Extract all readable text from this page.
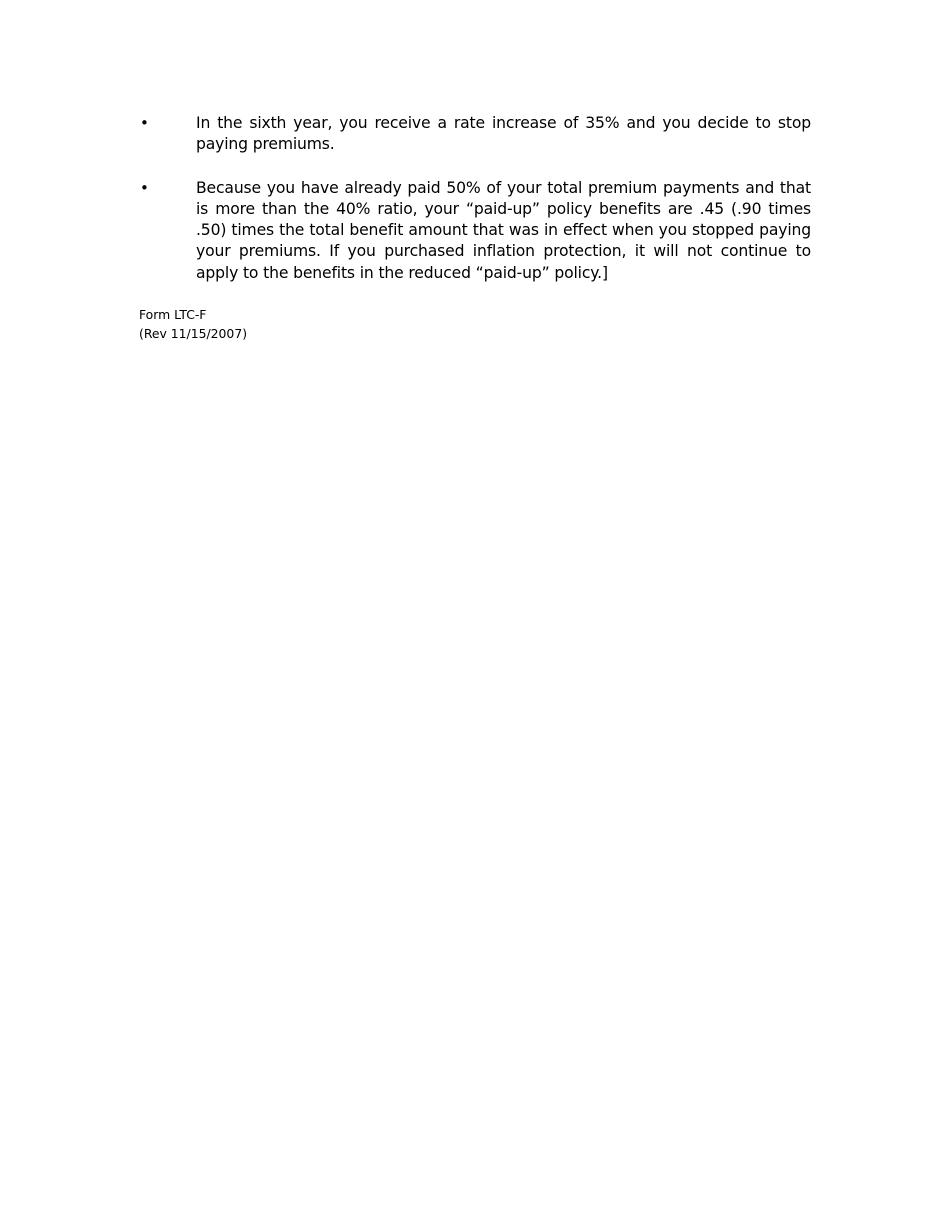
•	In the sixth year, you receive a rate increase of 35% and you decide to stop paying premiums.
•	Because you have already paid 50% of your total premium payments and that is more than the 40% ratio, your “paid-up” policy benefits are .45 (.90 times .50) times the total benefit amount that was in effect when you stopped paying your premiums. If you purchased inflation protection, it will not continue to apply to the benefits in the reduced “paid-up” policy.]
Form LTC-F
(Rev 11/15/2007)
